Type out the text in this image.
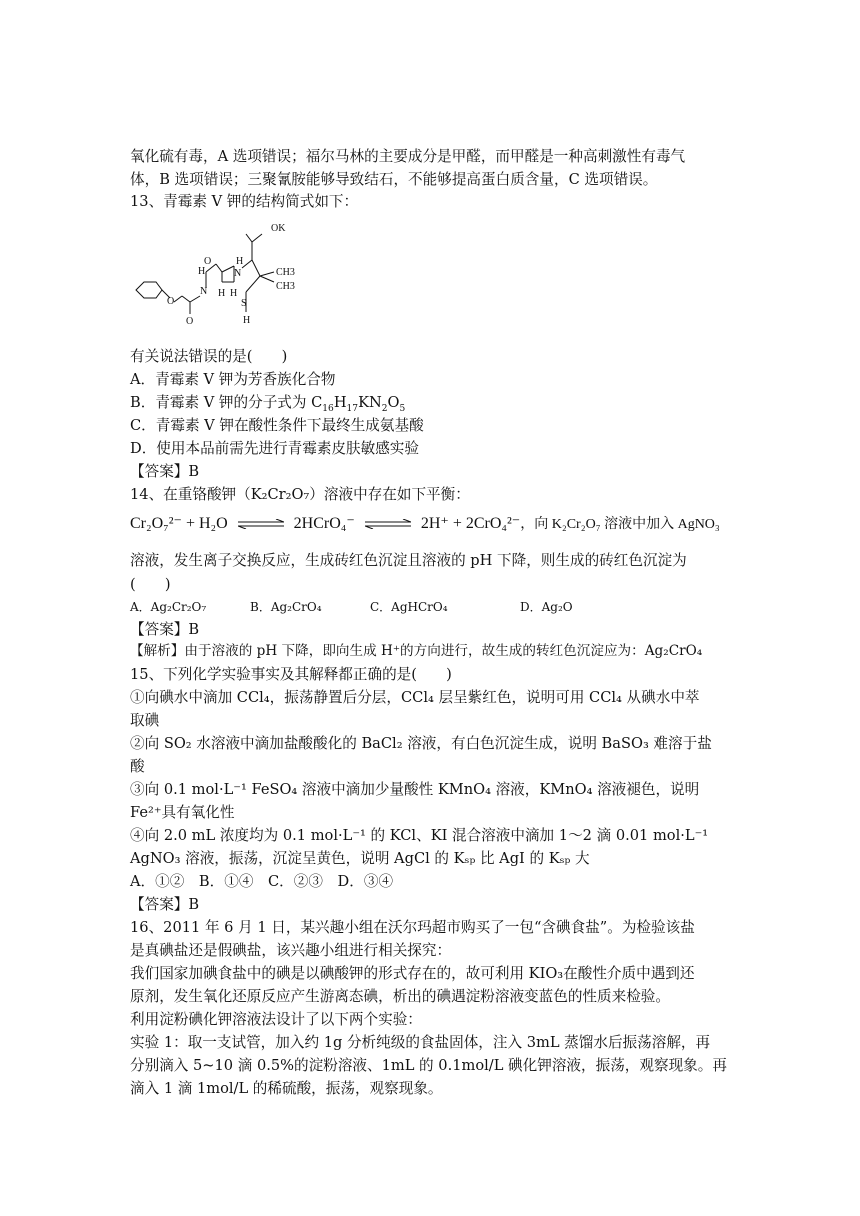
氧化硫有毒，A 选项错误；福尔马林的主要成分是甲醛，而甲醛是一种高刺激性有毒气
体，B 选项错误；三聚氰胺能够导致结石，不能够提高蛋白质含量，C 选项错误。
13、青霉素 V 钾的结构简式如下：
OK
O
H
N
H
N
O
O
H H
H
S
CH3
CH3
有关说法错误的是(　　)
A．青霉素 V 钾为芳香族化合物
B．青霉素 V 钾的分子式为 $C_{16}H_{17}KN_2O_5$
C．青霉素 V 钾在酸性条件下最终生成氨基酸
D．使用本品前需先进行青霉素皮肤敏感实验
【答案】B
14、在重铬酸钾（K₂Cr₂O₇）溶液中存在如下平衡：
Cr₂O₇²⁻ + H₂O ⇌ 2HCrO₄⁻ ⇌ 2H⁺ + 2CrO₄²⁻，向 K₂Cr₂O₇ 溶液中加入 AgNO₃
溶液，发生离子交换反应，生成砖红色沉淀且溶液的 pH 下降，则生成的砖红色沉淀为
(　　)
A．Ag₂Cr₂O₇	B．Ag₂CrO₄	C．AgHCrO₄	D．Ag₂O
【答案】B
【解析】由于溶液的 pH 下降，即向生成 H⁺的方向进行，故生成的转红色沉淀应为：Ag₂CrO₄
15、下列化学实验事实及其解释都正确的是(　　)
①向碘水中滴加 CCl₄，振荡静置后分层，CCl₄ 层呈紫红色，说明可用 CCl₄ 从碘水中萃
取碘
②向 SO₂ 水溶液中滴加盐酸酸化的 BaCl₂ 溶液，有白色沉淀生成，说明 BaSO₃ 难溶于盐
酸
③向 0.1 mol·L⁻¹ FeSO₄ 溶液中滴加少量酸性 KMnO₄ 溶液，KMnO₄ 溶液褪色，说明
Fe²⁺具有氧化性
④向 2.0 mL 浓度均为 0.1 mol·L⁻¹ 的 KCl、KI 混合溶液中滴加 1～2 滴 0.01 mol·L⁻¹
AgNO₃ 溶液，振荡，沉淀呈黄色，说明 AgCl 的 Kₛₚ 比 AgI 的 Kₛₚ 大
A．①②　B．①④　C．②③　D．③④
【答案】B
16、2011 年 6 月 1 日，某兴趣小组在沃尔玛超市购买了一包“含碘食盐”。为检验该盐
是真碘盐还是假碘盐，该兴趣小组进行相关探究：
我们国家加碘食盐中的碘是以碘酸钾的形式存在的，故可利用 KIO₃在酸性介质中遇到还
原剂，发生氧化还原反应产生游离态碘，析出的碘遇淀粉溶液变蓝色的性质来检验。
利用淀粉碘化钾溶液法设计了以下两个实验：
实验 1：取一支试管，加入约 1g 分析纯级的食盐固体，注入 3mL 蒸馏水后振荡溶解，再
分别滴入 5~10 滴 0.5%的淀粉溶液、1mL 的 0.1mol/L 碘化钾溶液，振荡，观察现象。再
滴入 1 滴 1mol/L 的稀硫酸，振荡，观察现象。
